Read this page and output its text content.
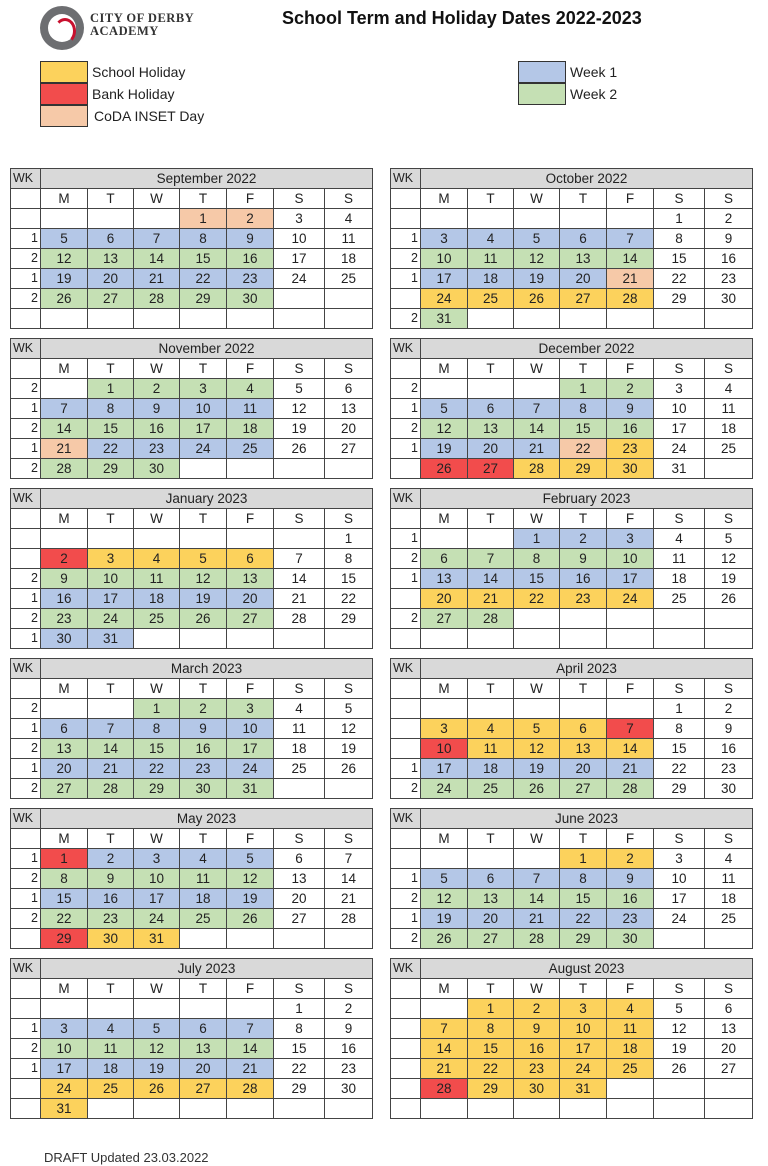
CITY OF DERBY
ACADEMY
School Term and Holiday Dates 2022-2023
School Holiday
Bank Holiday
CoDA INSET Day
Week 1
Week 2
WK	September 2022						
	M	T	W	T	F	S	S
				1	2	3	4
1	5	6	7	8	9	10	11
2	12	13	14	15	16	17	18
1	19	20	21	22	23	24	25
2	26	27	28	29	30		

WK	October 2022						
	M	T	W	T	F	S	S
						1	2
1	3	4	5	6	7	8	9
2	10	11	12	13	14	15	16
1	17	18	19	20	21	22	23
	24	25	26	27	28	29	30
2	31						
WK	November 2022						
	M	T	W	T	F	S	S
2		1	2	3	4	5	6
1	7	8	9	10	11	12	13
2	14	15	16	17	18	19	20
1	21	22	23	24	25	26	27
2	28	29	30				
WK	December 2022						
	M	T	W	T	F	S	S
2				1	2	3	4
1	5	6	7	8	9	10	11
2	12	13	14	15	16	17	18
1	19	20	21	22	23	24	25
	26	27	28	29	30	31	
WK	January 2023						
	M	T	W	T	F	S	S
							1
	2	3	4	5	6	7	8
2	9	10	11	12	13	14	15
1	16	17	18	19	20	21	22
2	23	24	25	26	27	28	29
1	30	31					
WK	February 2023						
	M	T	W	T	F	S	S
1			1	2	3	4	5
2	6	7	8	9	10	11	12
1	13	14	15	16	17	18	19
	20	21	22	23	24	25	26
2	27	28					

WK	March 2023						
	M	T	W	T	F	S	S
2			1	2	3	4	5
1	6	7	8	9	10	11	12
2	13	14	15	16	17	18	19
1	20	21	22	23	24	25	26
2	27	28	29	30	31		
WK	April 2023						
	M	T	W	T	F	S	S
						1	2
	3	4	5	6	7	8	9
	10	11	12	13	14	15	16
1	17	18	19	20	21	22	23
2	24	25	26	27	28	29	30
WK	May 2023						
	M	T	W	T	F	S	S
1	1	2	3	4	5	6	7
2	8	9	10	11	12	13	14
1	15	16	17	18	19	20	21
2	22	23	24	25	26	27	28
	29	30	31				
WK	June 2023						
	M	T	W	T	F	S	S
				1	2	3	4
1	5	6	7	8	9	10	11
2	12	13	14	15	16	17	18
1	19	20	21	22	23	24	25
2	26	27	28	29	30		
WK	July 2023						
	M	T	W	T	F	S	S
						1	2
1	3	4	5	6	7	8	9
2	10	11	12	13	14	15	16
1	17	18	19	20	21	22	23
	24	25	26	27	28	29	30
	31						
WK	August 2023						
	M	T	W	T	F	S	S
		1	2	3	4	5	6
	7	8	9	10	11	12	13
	14	15	16	17	18	19	20
	21	22	23	24	25	26	27
	28	29	30	31			

DRAFT Updated 23.03.2022
